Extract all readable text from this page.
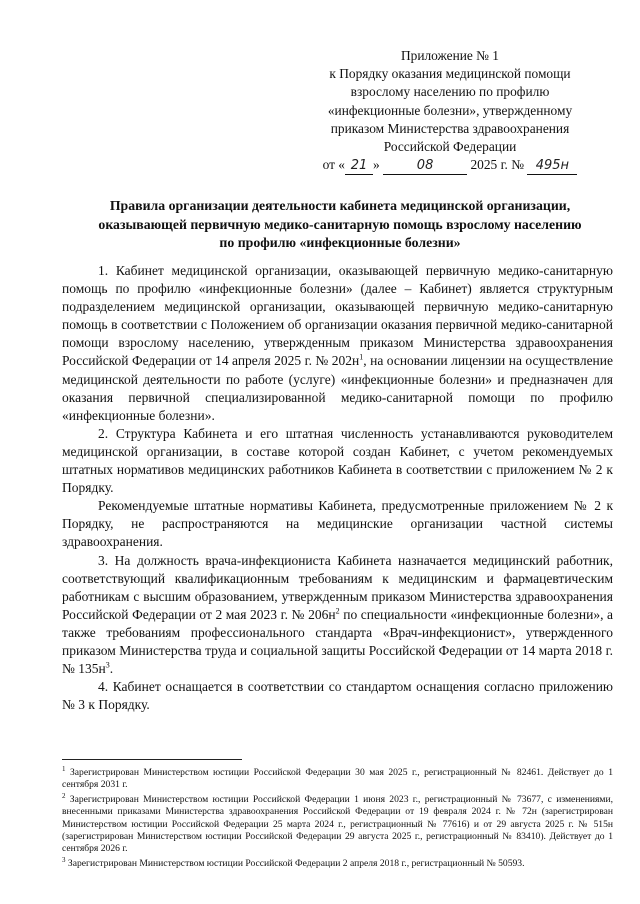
Приложение № 1
к Порядку оказания медицинской помощи
взрослому населению по профилю
«инфекционные болезни», утвержденному
приказом Министерства здравоохранения
Российской Федерации
от « 21 »	08	2025 г. № 495н
Правила организации деятельности кабинета медицинской организации,
оказывающей первичную медико-санитарную помощь взрослому населению
по профилю «инфекционные болезни»

1. Кабинет медицинской организации, оказывающей первичную медико-санитарную помощь по профилю «инфекционные болезни» (далее – Кабинет) является структурным подразделением медицинской организации, оказывающей первичную медико-санитарную помощь в соответствии с Положением об организации оказания первичной медико-санитарной помощи взрослому населению, утвержденным приказом Министерства здравоохранения Российской Федерации от 14 апреля 2025 г. № $202н^1$, на основании лицензии на осуществление медицинской деятельности по работе (услуге) «инфекционные болезни» и предназначен для оказания первичной специализированной медико-санитарной помощи по профилю «инфекционные болезни».

2. Структура Кабинета и его штатная численность устанавливаются руководителем медицинской организации, в составе которой создан Кабинет, с учетом рекомендуемых штатных нормативов медицинских работников Кабинета в соответствии с приложением № 2 к Порядку.

Рекомендуемые штатные нормативы Кабинета, предусмотренные приложением № 2 к Порядку, не распространяются на медицинские организации частной системы здравоохранения.

3. На должность врача-инфекциониста Кабинета назначается медицинский работник, соответствующий квалификационным требованиям к медицинским и фармацевтическим работникам с высшим образованием, утвержденным приказом Министерства здравоохранения Российской Федерации от 2 мая 2023 г. № $206н^2$ по специальности «инфекционные болезни», а также требованиям профессионального стандарта «Врач-инфекционист», утвержденного приказом Министерства труда и социальной защиты Российской Федерации от 14 марта 2018 г. № $135н^3$.

4. Кабинет оснащается в соответствии со стандартом оснащения согласно приложению № 3 к Порядку.

$^1$ Зарегистрирован Министерством юстиции Российской Федерации 30 мая 2025 г., регистрационный № 82461. Действует до 1 сентября 2031 г.

$^2$ Зарегистрирован Министерством юстиции Российской Федерации 1 июня 2023 г., регистрационный № 73677, с изменениями, внесенными приказами Министерства здравоохранения Российской Федерации от 19 февраля 2024 г. № 72н (зарегистрирован Министерством юстиции Российской Федерации 25 марта 2024 г., регистрационный № 77616) и от 29 августа 2025 г. № 515н (зарегистрирован Министерством юстиции Российской Федерации 29 августа 2025 г., регистрационный № 83410). Действует до 1 сентября 2026 г.

$^3$ Зарегистрирован Министерством юстиции Российской Федерации 2 апреля 2018 г., регистрационный № 50593.
